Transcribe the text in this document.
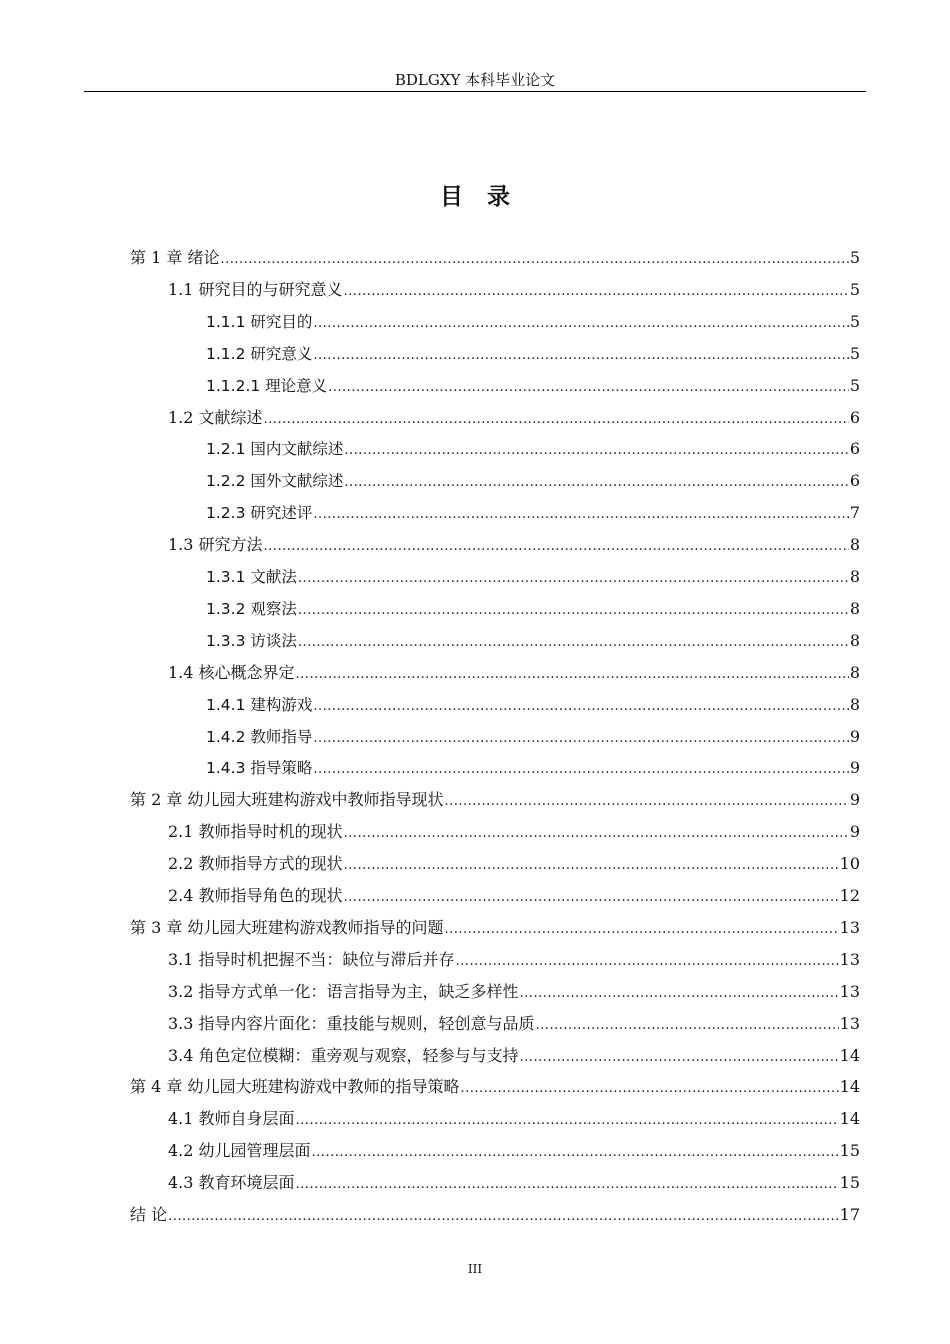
BDLGXY 本科毕业论文
目录
第 1 章 绪论 .....	5
1.1 研究目的与研究意义 .....	5
1.1.1 研究目的 .....	5
1.1.2 研究意义 .....	5
1.1.2.1 理论意义 .....	5
1.2 文献综述 .....	6
1.2.1 国内文献综述 .....	6
1.2.2 国外文献综述 .....	6
1.2.3 研究述评 .....	7
1.3 研究方法 .....	8
1.3.1 文献法 .....	8
1.3.2 观察法 .....	8
1.3.3 访谈法 .....	8
1.4 核心概念界定 .....	8
1.4.1 建构游戏 .....	8
1.4.2 教师指导 .....	9
1.4.3 指导策略 .....	9
第 2 章 幼儿园大班建构游戏中教师指导现状 .....	9
2.1 教师指导时机的现状 .....	9
2.2 教师指导方式的现状 .....	10
2.4 教师指导角色的现状 .....	12
第 3 章 幼儿园大班建构游戏教师指导的问题 .....	13
3.1 指导时机把握不当：缺位与滞后并存 .....	13
3.2 指导方式单一化：语言指导为主，缺乏多样性 .....	13
3.3 指导内容片面化：重技能与规则，轻创意与品质 .....	13
3.4 角色定位模糊：重旁观与观察，轻参与与支持 .....	14
第 4 章 幼儿园大班建构游戏中教师的指导策略 .....	14
4.1 教师自身层面 .....	14
4.2 幼儿园管理层面 .....	15
4.3 教育环境层面 .....	15
结 论 .....	17
III
